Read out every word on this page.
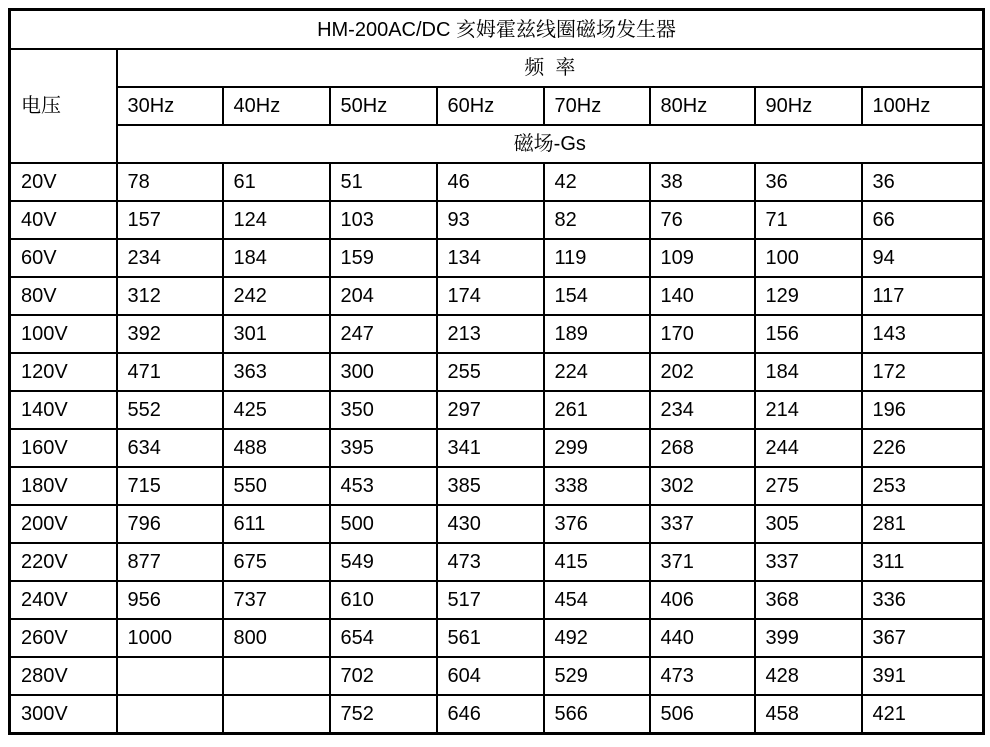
HM-200AC/DC 亥姆霍兹线圈磁场发生器								
电压	频  率							
	30Hz	40Hz	50Hz	60Hz	70Hz	80Hz	90Hz	100Hz
	磁场-Gs							
20V	78	61	51	46	42	38	36	36
40V	157	124	103	93	82	76	71	66
60V	234	184	159	134	119	109	100	94
80V	312	242	204	174	154	140	129	117
100V	392	301	247	213	189	170	156	143
120V	471	363	300	255	224	202	184	172
140V	552	425	350	297	261	234	214	196
160V	634	488	395	341	299	268	244	226
180V	715	550	453	385	338	302	275	253
200V	796	611	500	430	376	337	305	281
220V	877	675	549	473	415	371	337	311
240V	956	737	610	517	454	406	368	336
260V	1000	800	654	561	492	440	399	367
280V			702	604	529	473	428	391
300V			752	646	566	506	458	421
